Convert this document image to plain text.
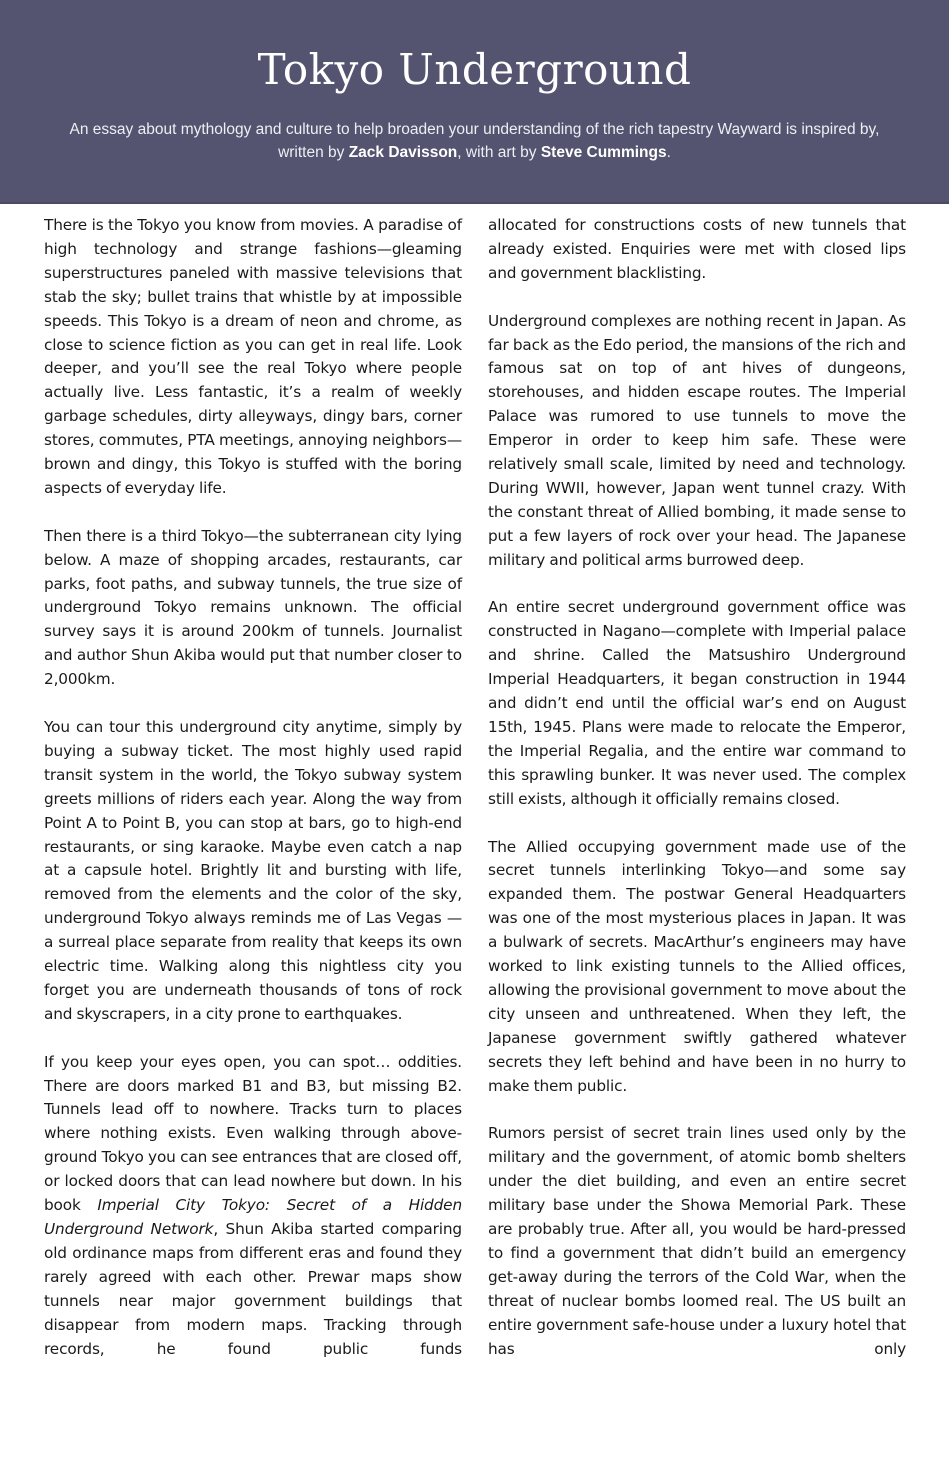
Tokyo Underground

An essay about mythology and culture to help broaden your understanding of the rich tapestry Wayward is inspired by, written by Zack Davisson, with art by Steve Cummings.

There is the Tokyo you know from movies. A paradise of high technology and strange fashions—gleaming superstructures paneled with massive televisions that stab the sky; bullet trains that whistle by at impossible speeds. This Tokyo is a dream of neon and chrome, as close to science fiction as you can get in real life. Look deeper, and you’ll see the real Tokyo where people actually live. Less fantastic, it’s a realm of weekly garbage schedules, dirty alleyways, dingy bars, corner stores, commutes, PTA meetings, annoying neighbors—brown and dingy, this Tokyo is stuffed with the boring aspects of everyday life.

Then there is a third Tokyo—the subterranean city lying below. A maze of shopping arcades, restaurants, car parks, foot paths, and subway tunnels, the true size of underground Tokyo remains unknown. The official survey says it is around 200km of tunnels. Journalist and author Shun Akiba would put that number closer to 2,000km.

You can tour this underground city anytime, simply by buying a subway ticket. The most highly used rapid transit system in the world, the Tokyo subway system greets millions of riders each year. Along the way from Point A to Point B, you can stop at bars, go to high-end restaurants, or sing karaoke. Maybe even catch a nap at a capsule hotel. Brightly lit and bursting with life, removed from the elements and the color of the sky, underground Tokyo always reminds me of Las Vegas — a surreal place separate from reality that keeps its own electric time. Walking along this nightless city you forget you are underneath thousands of tons of rock and skyscrapers, in a city prone to earthquakes.

If you keep your eyes open, you can spot… oddities. There are doors marked B1 and B3, but missing B2. Tunnels lead off to nowhere. Tracks turn to places where nothing exists. Even walking through above-ground Tokyo you can see entrances that are closed off, or locked doors that can lead nowhere but down. In his book Imperial City Tokyo: Secret of a Hidden Underground Network, Shun Akiba started comparing old ordinance maps from different eras and found they rarely agreed with each other. Prewar maps show tunnels near major government buildings that disappear from modern maps. Tracking through records, he found public funds

allocated for constructions costs of new tunnels that already existed. Enquiries were met with closed lips and government blacklisting.

Underground complexes are nothing recent in Japan. As far back as the Edo period, the mansions of the rich and famous sat on top of ant hives of dungeons, storehouses, and hidden escape routes. The Imperial Palace was rumored to use tunnels to move the Emperor in order to keep him safe. These were relatively small scale, limited by need and technology. During WWII, however, Japan went tunnel crazy. With the constant threat of Allied bombing, it made sense to put a few layers of rock over your head. The Japanese military and political arms burrowed deep.

An entire secret underground government office was constructed in Nagano—complete with Imperial palace and shrine. Called the Matsushiro Underground Imperial Headquarters, it began construction in 1944 and didn’t end until the official war’s end on August 15th, 1945. Plans were made to relocate the Emperor, the Imperial Regalia, and the entire war command to this sprawling bunker. It was never used. The complex still exists, although it officially remains closed.

The Allied occupying government made use of the secret tunnels interlinking Tokyo—and some say expanded them. The postwar General Headquarters was one of the most mysterious places in Japan. It was a bulwark of secrets. MacArthur’s engineers may have worked to link existing tunnels to the Allied offices, allowing the provisional government to move about the city unseen and unthreatened. When they left, the Japanese government swiftly gathered whatever secrets they left behind and have been in no hurry to make them public.

Rumors persist of secret train lines used only by the military and the government, of atomic bomb shelters under the diet building, and even an entire secret military base under the Showa Memorial Park. These are probably true. After all, you would be hard-pressed to find a government that didn’t build an emergency get-away during the terrors of the Cold War, when the threat of nuclear bombs loomed real. The US built an entire government safe-house under a luxury hotel that has only
